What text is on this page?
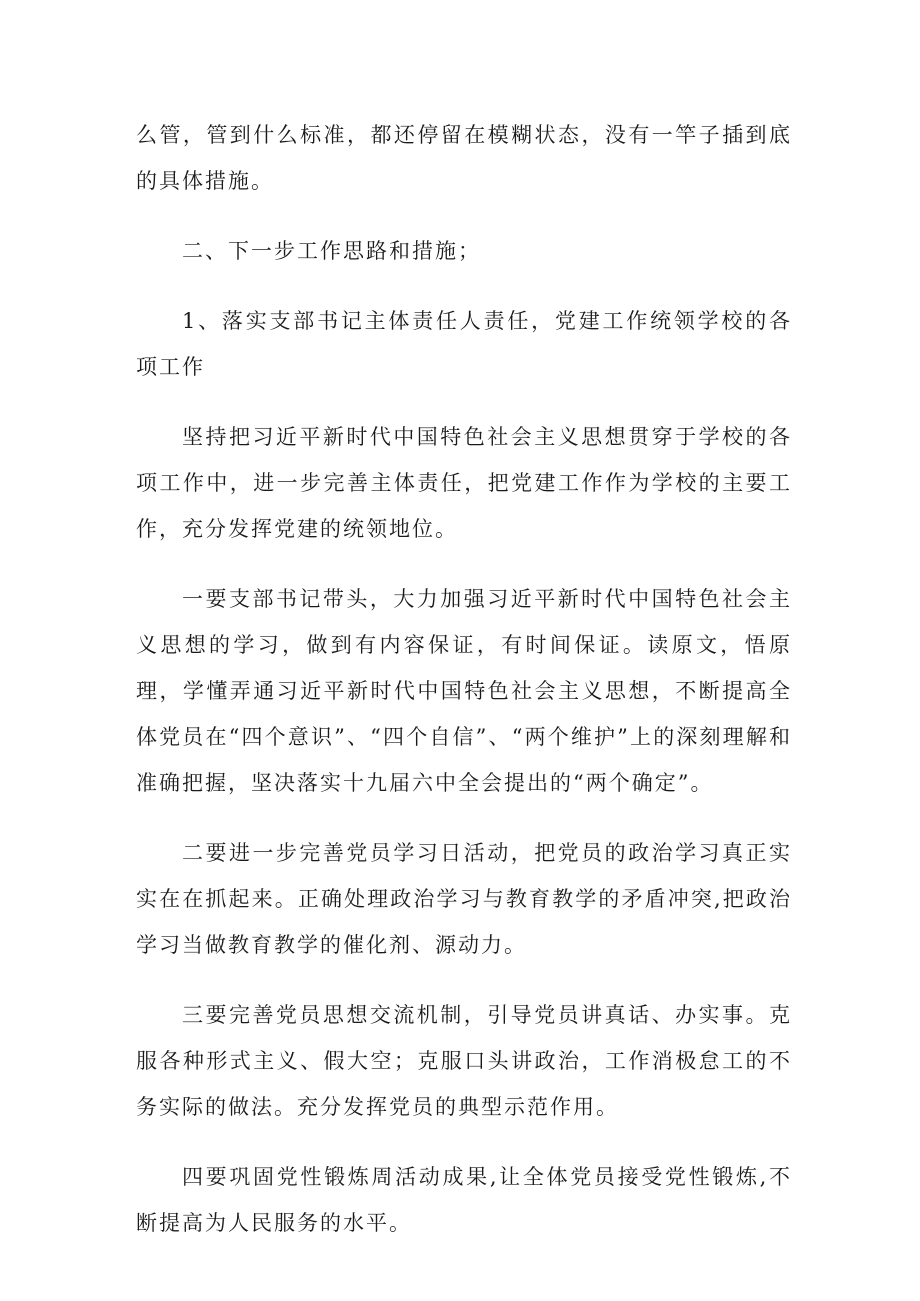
么管，管到什么标准，都还停留在模糊状态，没有一竿子插到底的具体措施。

二、下一步工作思路和措施；

1、落实支部书记主体责任人责任，党建工作统领学校的各项工作

坚持把习近平新时代中国特色社会主义思想贯穿于学校的各项工作中，进一步完善主体责任，把党建工作作为学校的主要工作，充分发挥党建的统领地位。

一要支部书记带头，大力加强习近平新时代中国特色社会主义思想的学习，做到有内容保证，有时间保证。读原文，悟原理，学懂弄通习近平新时代中国特色社会主义思想，不断提高全体党员在“四个意识”、“四个自信”、“两个维护”上的深刻理解和准确把握，坚决落实十九届六中全会提出的“两个确定”。

二要进一步完善党员学习日活动，把党员的政治学习真正实实在在抓起来。正确处理政治学习与教育教学的矛盾冲突,把政治学习当做教育教学的催化剂、源动力。

三要完善党员思想交流机制，引导党员讲真话、办实事。克服各种形式主义、假大空；克服口头讲政治，工作消极怠工的不务实际的做法。充分发挥党员的典型示范作用。

四要巩固党性锻炼周活动成果,让全体党员接受党性锻炼,不断提高为人民服务的水平。
